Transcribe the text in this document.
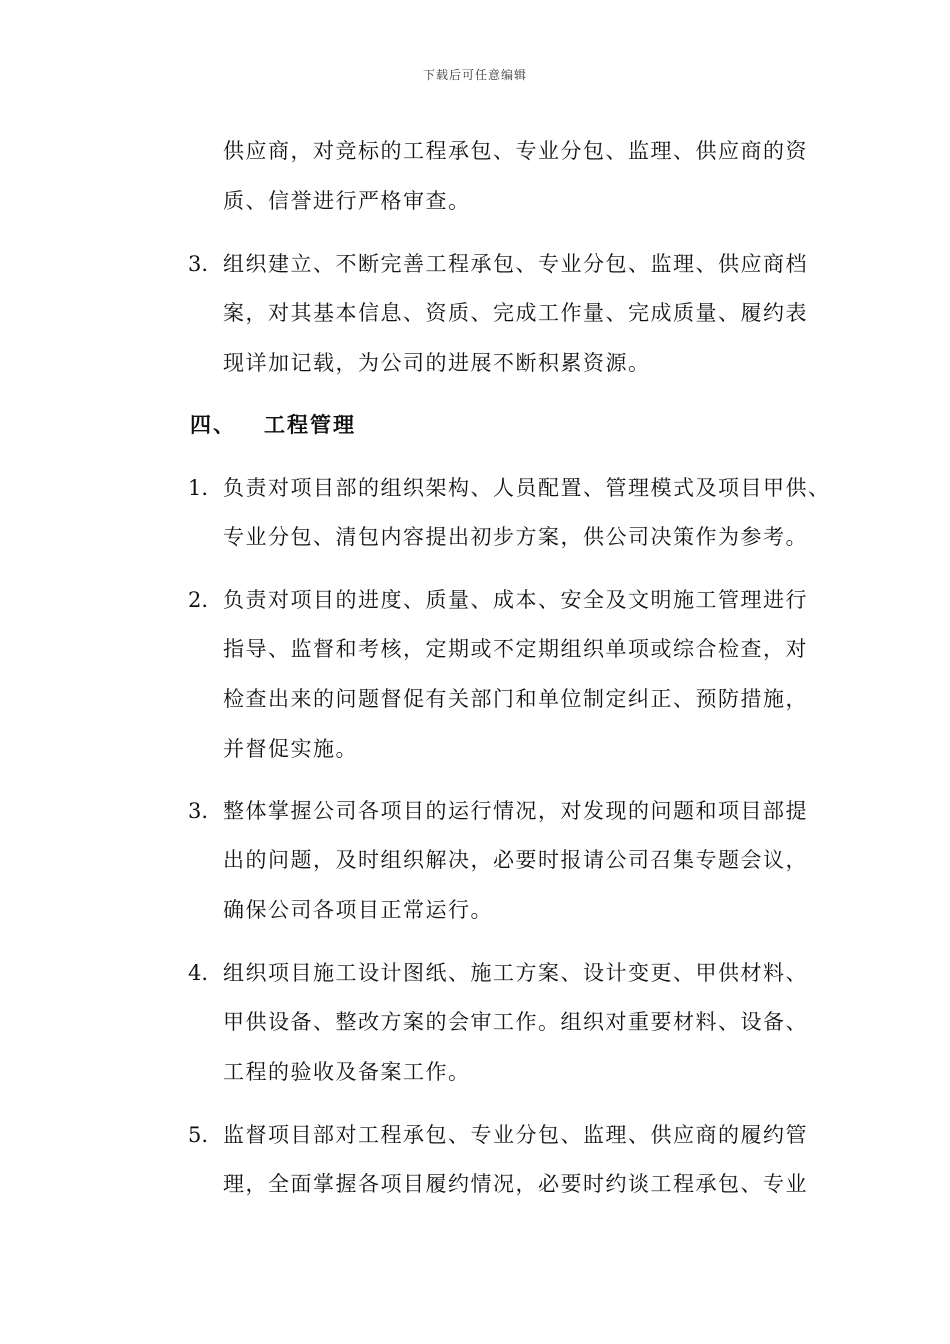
下载后可任意编辑
供应商，对竞标的工程承包、专业分包、监理、供应商的资
质、信誉进行严格审查。
3. 组织建立、不断完善工程承包、专业分包、监理、供应商档
案，对其基本信息、资质、完成工作量、完成质量、履约表
现详加记载，为公司的进展不断积累资源。
四、 工程管理
1. 负责对项目部的组织架构、人员配置、管理模式及项目甲供、
专业分包、清包内容提出初步方案，供公司决策作为参考。
2. 负责对项目的进度、质量、成本、安全及文明施工管理进行
指导、监督和考核，定期或不定期组织单项或综合检查，对
检查出来的问题督促有关部门和单位制定纠正、预防措施，
并督促实施。
3. 整体掌握公司各项目的运行情况，对发现的问题和项目部提
出的问题，及时组织解决，必要时报请公司召集专题会议，
确保公司各项目正常运行。
4. 组织项目施工设计图纸、施工方案、设计变更、甲供材料、
甲供设备、整改方案的会审工作。组织对重要材料、设备、
工程的验收及备案工作。
5. 监督项目部对工程承包、专业分包、监理、供应商的履约管
理，全面掌握各项目履约情况，必要时约谈工程承包、专业
